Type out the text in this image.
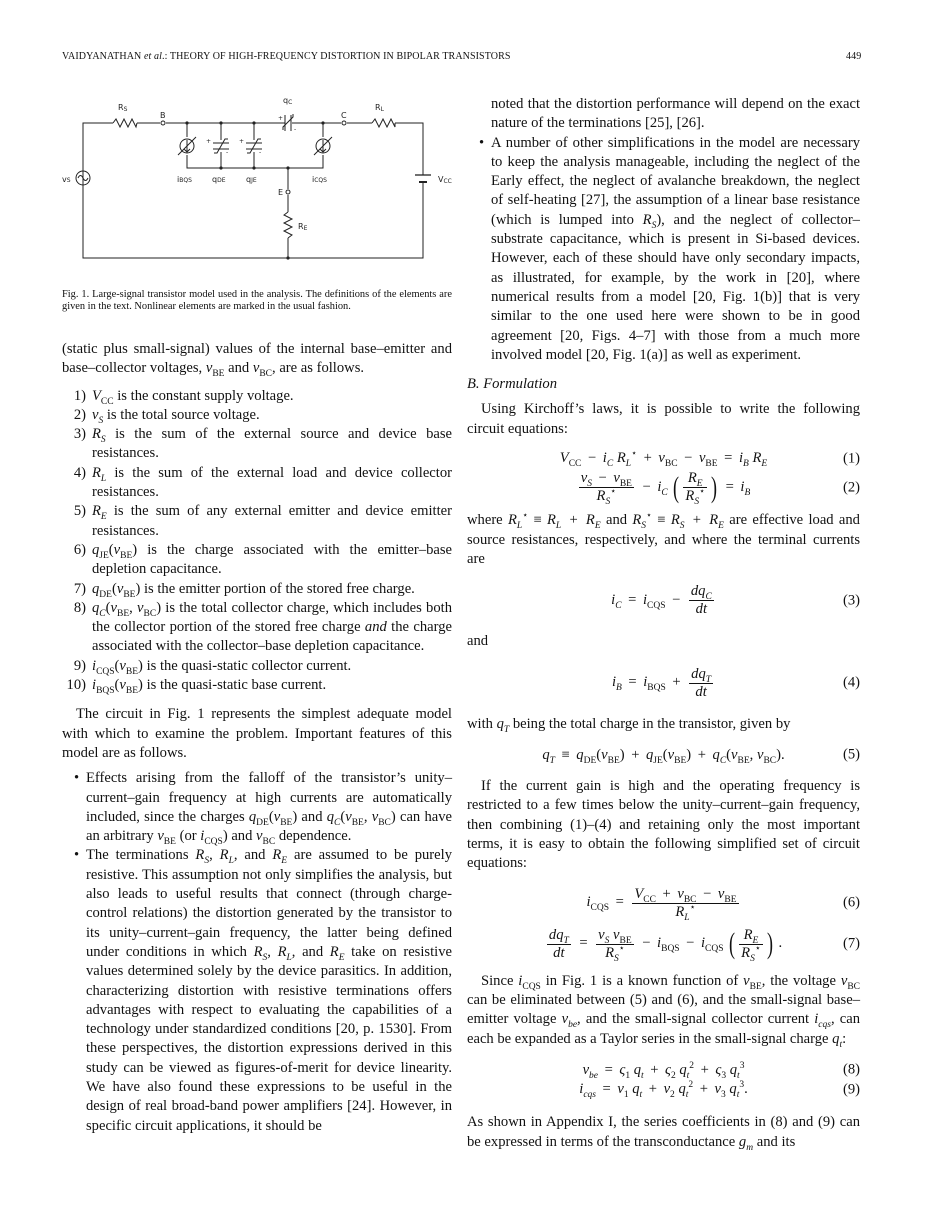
VAIDYANATHAN et al.: THEORY OF HIGH-FREQUENCY DISTORTION IN BIPOLAR TRANSISTORS	449
+
-
+
-
+
-
RS
B
qC
C
RL
vS	iBQS	qDE	qJE	iCQS	VCC
E
RE
Fig. 1. Large-signal transistor model used in the analysis. The definitions of the elements are given in the text. Nonlinear elements are marked in the usual fashion.

(static plus small-signal) values of the internal base–emitter and base–collector voltages, $v_{BE}$ and $v_{BC}$, are as follows.

1) $V_{CC}$ is the constant supply voltage.
2) $v_S$ is the total source voltage.
3) $R_S$ is the sum of the external source and device base resistances.
4) $R_L$ is the sum of the external load and device collector resistances.
5) $R_E$ is the sum of any external emitter and device emitter resistances.
6) $q_{JE}(v_{BE})$ is the charge associated with the emitter–base depletion capacitance.
7) $q_{DE}(v_{BE})$ is the emitter portion of the stored free charge.
8) $q_C(v_{BE}$, $v_{BC}$) is the total collector charge, which includes both the collector portion of the stored free charge and the charge associated with the collector–base depletion capacitance.
9) $i_{CQS}(v_{BE})$ is the quasi-static collector current.
10) $i_{BQS}(v_{BE})$ is the quasi-static base current.

The circuit in Fig. 1 represents the simplest adequate model with which to examine the problem. Important features of this model are as follows.

• Effects arising from the falloff of the transistor’s unity–current–gain frequency at high currents are automatically included, since the charges $q_{DE}(v_{BE})$ and $q_C(v_{BE}$, $v_{BC}$) can have an arbitrary $v_{BE}$ (or $i_{CQS}$) and $v_{BC}$ dependence.
• The terminations $R_S$, $R_L$, and $R_E$ are assumed to be purely resistive. This assumption not only simplifies the analysis, but also leads to useful results that connect (through charge-control relations) the distortion generated by the transistor to its unity–current–gain frequency, the latter being defined under conditions in which $R_S$, $R_L$, and $R_E$ take on resistive values determined solely by the device parasitics. In addition, characterizing distortion with resistive terminations offers advantages with respect to evaluating the capabilities of a technology under standardized conditions [20, p. 1530]. From these perspectives, the distortion expressions derived in this study can be viewed as figures-of-merit for device linearity. We have also found these expressions to be useful in the design of real broad-band power amplifiers [24]. However, in specific circuit applications, it should be

noted that the distortion performance will depend on the exact nature of the terminations [25], [26].

• A number of other simplifications in the model are necessary to keep the analysis manageable, including the neglect of the Early effect, the neglect of avalanche breakdown, the neglect of self-heating [27], the assumption of a linear base resistance (which is lumped into $R_S$), and the neglect of collector–substrate capacitance, which is present in Si-based devices. However, each of these should have only secondary impacts, as illustrated, for example, by the work in [20], where numerical results from a model [20, Fig. 1(b)] that is very similar to the one used here were shown to be in good agreement [20, Figs. 4–7] with those from a much more involved model [20, Fig. 1(a)] as well as experiment.

B. Formulation

Using Kirchoff’s laws, it is possible to write the following circuit equations:

$V_{CC} - i_C$ $R_L^⋆ + v_{BC} - v_{BE} = i_B$ $R_E$	(1)
$\frac{v_S - v_{BE}}{R_S^⋆} - i_C$ ( $\frac{R_E}{R_S^⋆}$ )  =  $i_B$	(2)

where $R_L^⋆ \equiv R_L + R_E$ and $R_S^⋆ \equiv R_S + R_E$ are effective load and source resistances, respectively, and where the terminal currents are

$i_C = i_{CQS} - \frac{dq_C}{dt}$	(3)

and

$i_B = i_{BQS} + \frac{dq_T}{dt}$	(4)

with $q_T$ being the total charge in the transistor, given by

$q_T \equiv q_{DE}(v_{BE}) + q_{JE}(v_{BE}) + q_C(v_{BE}$, $v_{BC}$).	(5)

If the current gain is high and the operating frequency is restricted to a few times below the unity–current–gain frequency, then combining (1)–(4) and retaining only the most important terms, it is easy to obtain the following simplified set of circuit equations:

$i_{CQS} = \frac{V_{CC} + v_{BC} - v_{BE}}{R_L^⋆}$	(6)
$\frac{dq_T}{dt} = \frac{v_S v_{BE}}{R_S^⋆} - i_{BQS} - i_{CQS}$ ( $\frac{R_E}{R_S^⋆}$ ) .	(7)

Since $i_{CQS}$ in Fig. 1 is a known function of $v_{BE}$, the voltage $v_{BC}$ can be eliminated between (5) and (6), and the small-signal base–emitter voltage $v_{be}$, and the small-signal collector current $i_{cqs}$, can each be expanded as a Taylor series in the small-signal charge $q_t$:

$v_{be} = \varsigma_1$ $q_t + \varsigma_2$ $q_t^2 + \varsigma_3$ $q_t^3$	(8)
$i_{cqs} = \nu_1$ $q_t + \nu_2$ $q_t^2 + \nu_3$ $q_t^3$.	(9)

As shown in Appendix I, the series coefficients in (8) and (9) can be expressed in terms of the transconductance $g_m$ and its
